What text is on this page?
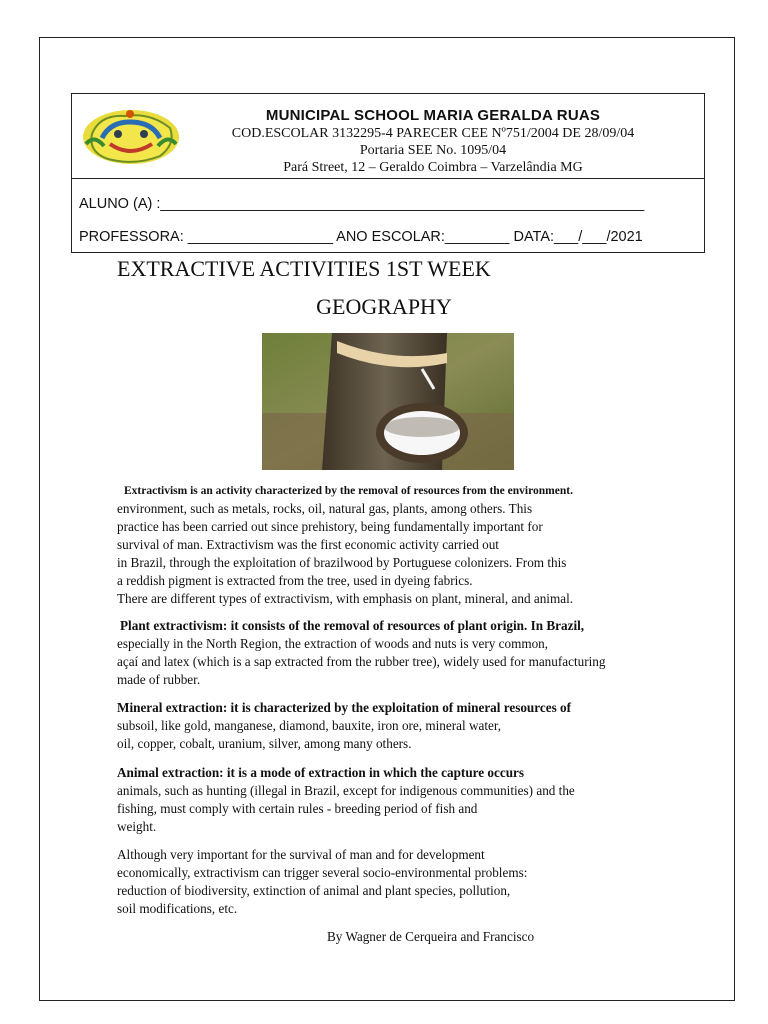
MUNICIPAL SCHOOL MARIA GERALDA RUAS
COD.ESCOLAR 3132295-4 PARECER CEE Nº751/2004 DE 28/09/04
Portaria SEE No. 1095/04
Pará Street, 12 – Geraldo Coimbra – Varzelândia MG
ALUNO (A) :____________________________________________________________
PROFESSORA: __________________ ANO ESCOLAR:________ DATA:___/___/2021
EXTRACTIVE ACTIVITIES 1ST WEEK
GEOGRAPHY
Extractivism is an activity characterized by the removal of resources from the environment.
environment, such as metals, rocks, oil, natural gas, plants, among others. This
practice has been carried out since prehistory, being fundamentally important for
survival of man. Extractivism was the first economic activity carried out
in Brazil, through the exploitation of brazilwood by Portuguese colonizers. From this
a reddish pigment is extracted from the tree, used in dyeing fabrics.
There are different types of extractivism, with emphasis on plant, mineral, and animal.
Plant extractivism: it consists of the removal of resources of plant origin. In Brazil,
especially in the North Region, the extraction of woods and nuts is very common,
açaí and latex (which is a sap extracted from the rubber tree), widely used for manufacturing
made of rubber.
Mineral extraction: it is characterized by the exploitation of mineral resources of
subsoil, like gold, manganese, diamond, bauxite, iron ore, mineral water,
oil, copper, cobalt, uranium, silver, among many others.
Animal extraction: it is a mode of extraction in which the capture occurs
animals, such as hunting (illegal in Brazil, except for indigenous communities) and the
fishing, must comply with certain rules - breeding period of fish and
weight.
Although very important for the survival of man and for development
economically, extractivism can trigger several socio-environmental problems:
reduction of biodiversity, extinction of animal and plant species, pollution,
soil modifications, etc.
By Wagner de Cerqueira and Francisco
